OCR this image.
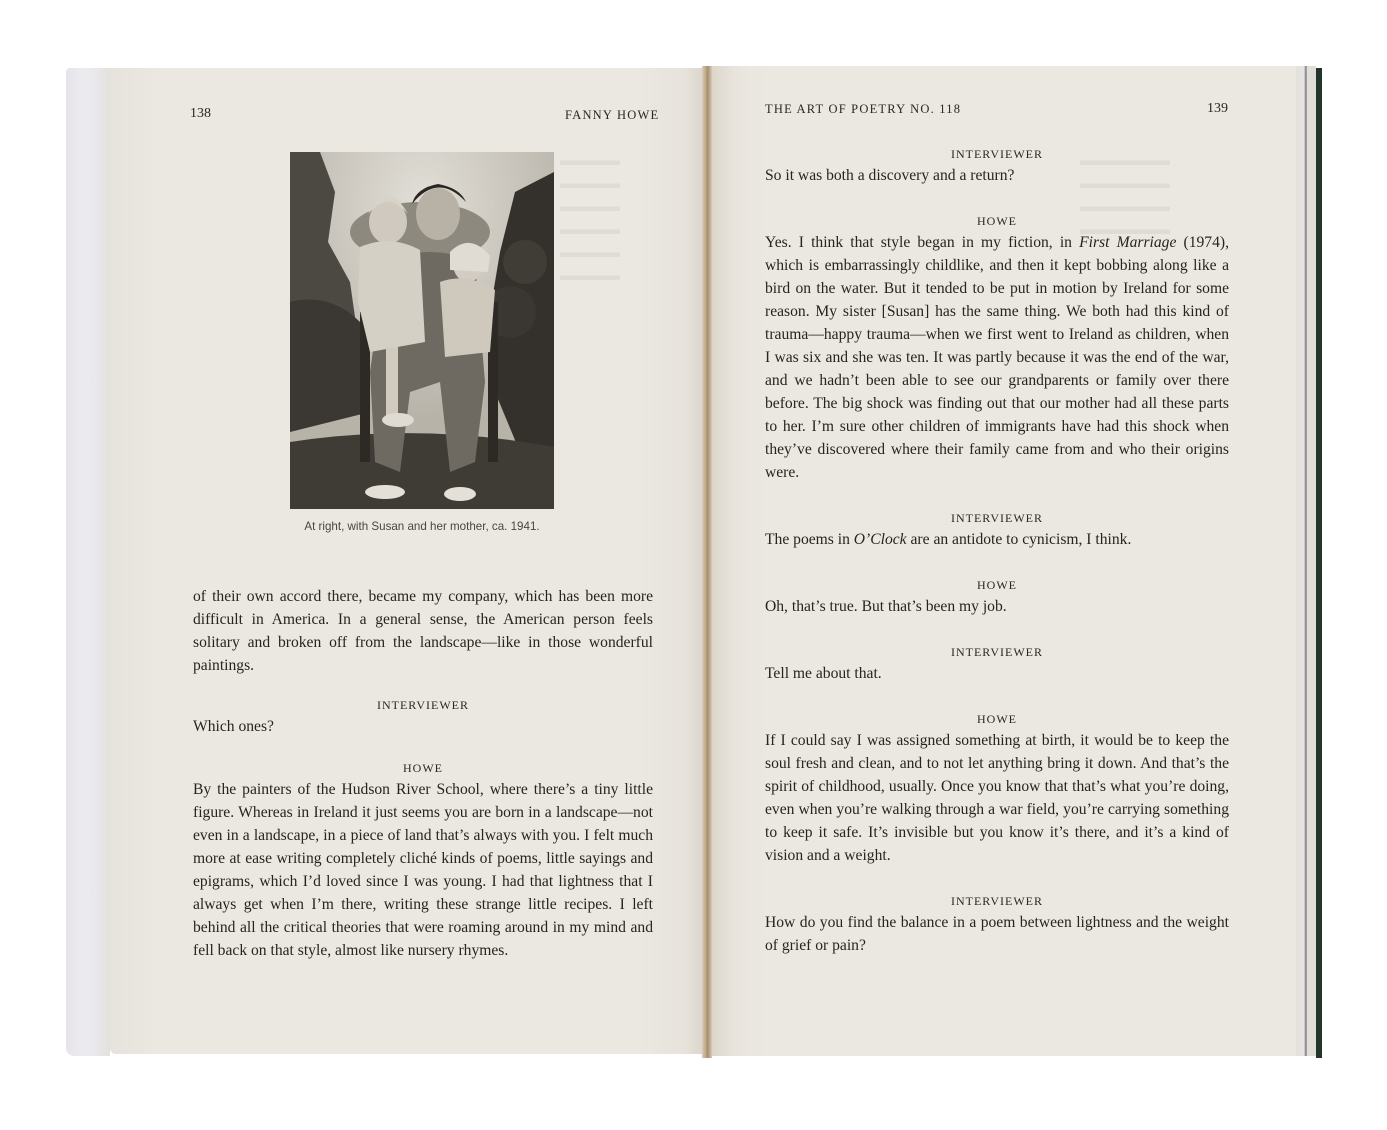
138	FANNY HOWE
At right, with Susan and her mother, ca. 1941.

of their own accord there, became my company, which has been more difficult in America. In a general sense, the American person feels solitary and broken off from the landscape—like in those wonderful paintings.

INTERVIEWER

Which ones?

HOWE

By the painters of the Hudson River School, where there’s a tiny little figure. Whereas in Ireland it just seems you are born in a landscape—not even in a landscape, in a piece of land that’s always with you. I felt much more at ease writing completely cliché kinds of poems, little sayings and epigrams, which I’d loved since I was young. I had that lightness that I always get when I’m there, writing these strange little recipes. I left behind all the critical theories that were roaming around in my mind and fell back on that style, almost like nursery rhymes.

THE ART OF POETRY NO. 118	139
INTERVIEWER

So it was both a discovery and a return?

HOWE

Yes. I think that style began in my fiction, in First Marriage (1974), which is embarrassingly childlike, and then it kept bobbing along like a bird on the water. But it tended to be put in motion by Ireland for some reason. My sister [Susan] has the same thing. We both had this kind of trauma—happy trauma—when we first went to Ireland as children, when I was six and she was ten. It was partly because it was the end of the war, and we hadn’t been able to see our grandparents or family over there before. The big shock was finding out that our mother had all these parts to her. I’m sure other children of immigrants have had this shock when they’ve discovered where their family came from and who their origins were.

INTERVIEWER

The poems in O’Clock are an antidote to cynicism, I think.

HOWE

Oh, that’s true. But that’s been my job.

INTERVIEWER

Tell me about that.

HOWE

If I could say I was assigned something at birth, it would be to keep the soul fresh and clean, and to not let anything bring it down. And that’s the spirit of childhood, usually. Once you know that that’s what you’re doing, even when you’re walking through a war field, you’re carrying something to keep it safe. It’s invisible but you know it’s there, and it’s a kind of vision and a weight.

INTERVIEWER

How do you find the balance in a poem between lightness and the weight of grief or pain?
